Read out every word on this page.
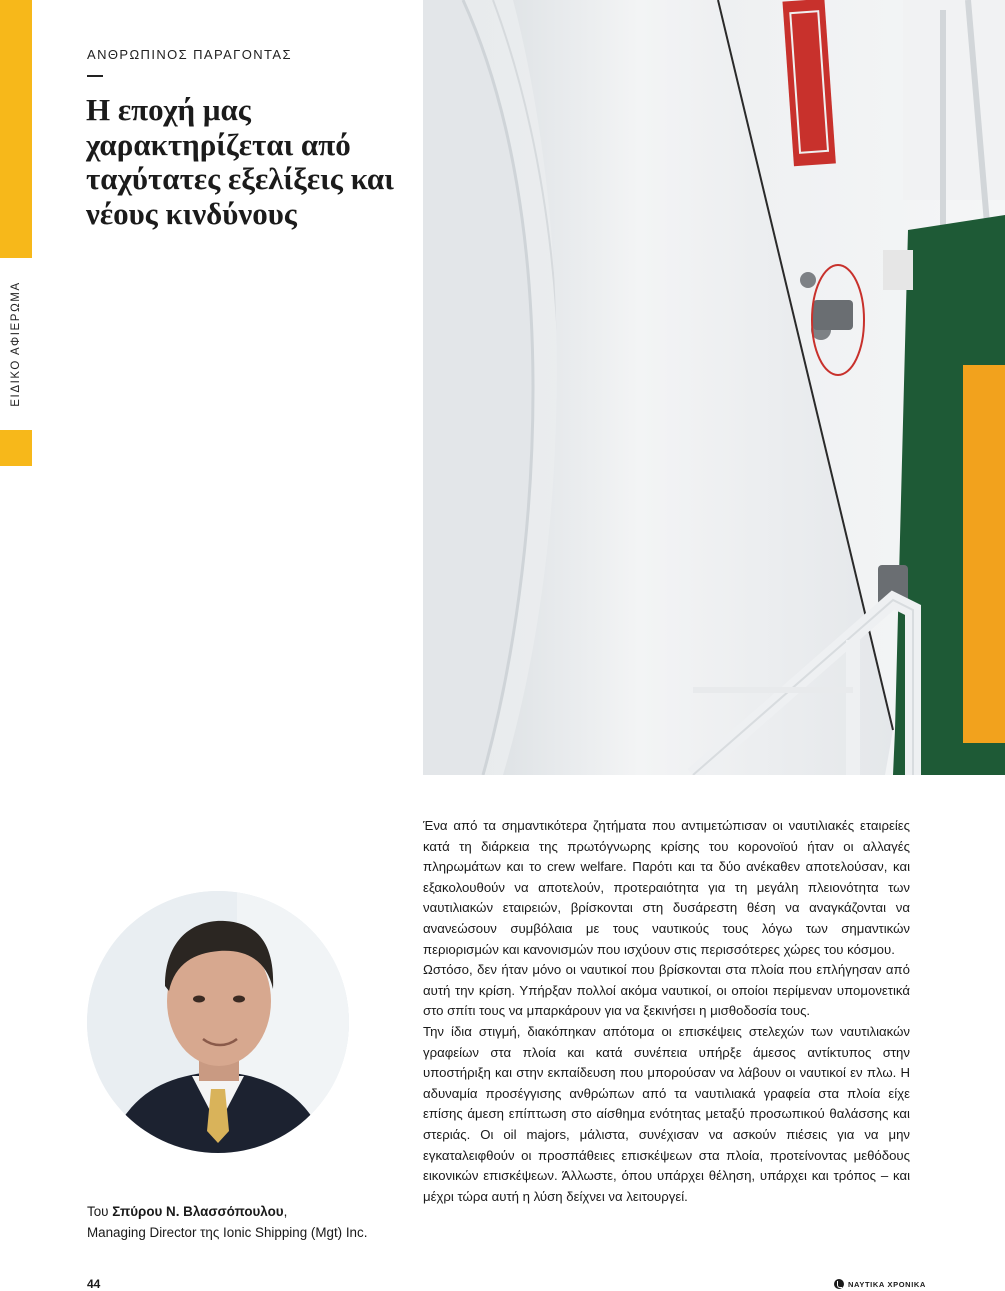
ΕΙΔΙΚΟ ΑΦΙΕΡΩΜΑ
ΑΝΘΡΩΠΙΝΟΣ ΠΑΡΑΓΟΝΤΑΣ
Η εποχή μας χαρακτηρίζεται από ταχύτατες εξελίξεις και νέους κινδύνους
Του Σπύρου Ν. Βλασσόπουλου,
Managing Director της Ionic Shipping (Mgt) Inc.

Ένα από τα σημαντικότερα ζητήματα που αντιμετώπισαν οι ναυτιλιακές εταιρείες κατά τη διάρκεια της πρωτόγνωρης κρίσης του κορονοϊού ήταν οι αλλαγές πληρωμάτων και το crew welfare. Παρότι και τα δύο ανέκαθεν αποτελούσαν, και εξακολουθούν να αποτελούν, προτεραιότητα για τη μεγάλη πλειονότητα των ναυτιλιακών εταιρειών, βρίσκονται στη δυσάρεστη θέση να αναγκάζονται να ανανεώσουν συμβόλαια με τους ναυτικούς τους λόγω των σημαντικών περιορισμών και κανονισμών που ισχύουν στις περισσότερες χώρες του κόσμου.

Ωστόσο, δεν ήταν μόνο οι ναυτικοί που βρίσκονται στα πλοία που επλήγησαν από αυτή την κρίση. Υπήρξαν πολλοί ακόμα ναυτικοί, οι οποίοι περίμεναν υπομονετικά στο σπίτι τους να μπαρκάρουν για να ξεκινήσει η μισθοδοσία τους.

Την ίδια στιγμή, διακόπηκαν απότομα οι επισκέψεις στελεχών των ναυτιλιακών γραφείων στα πλοία και κατά συνέπεια υπήρξε άμεσος αντίκτυπος στην υποστήριξη και στην εκπαίδευση που μπορούσαν να λάβουν οι ναυτικοί εν πλω. Η αδυναμία προσέγγισης ανθρώπων από τα ναυτιλιακά γραφεία στα πλοία είχε επίσης άμεση επίπτωση στο αίσθημα ενότητας μεταξύ προσωπικού θαλάσσης και στεριάς. Οι oil majors, μάλιστα, συνέχισαν να ασκούν πιέσεις για να μην εγκαταλειφθούν οι προσπάθειες επισκέψεων στα πλοία, προτείνοντας μεθόδους εικονικών επισκέψεων. Άλλωστε, όπου υπάρχει θέληση, υπάρχει και τρόπος – και μέχρι τώρα αυτή η λύση δείχνει να λειτουργεί.

44	ΝΑΥΤΙΚΑ ΧΡΟΝΙΚΑ
